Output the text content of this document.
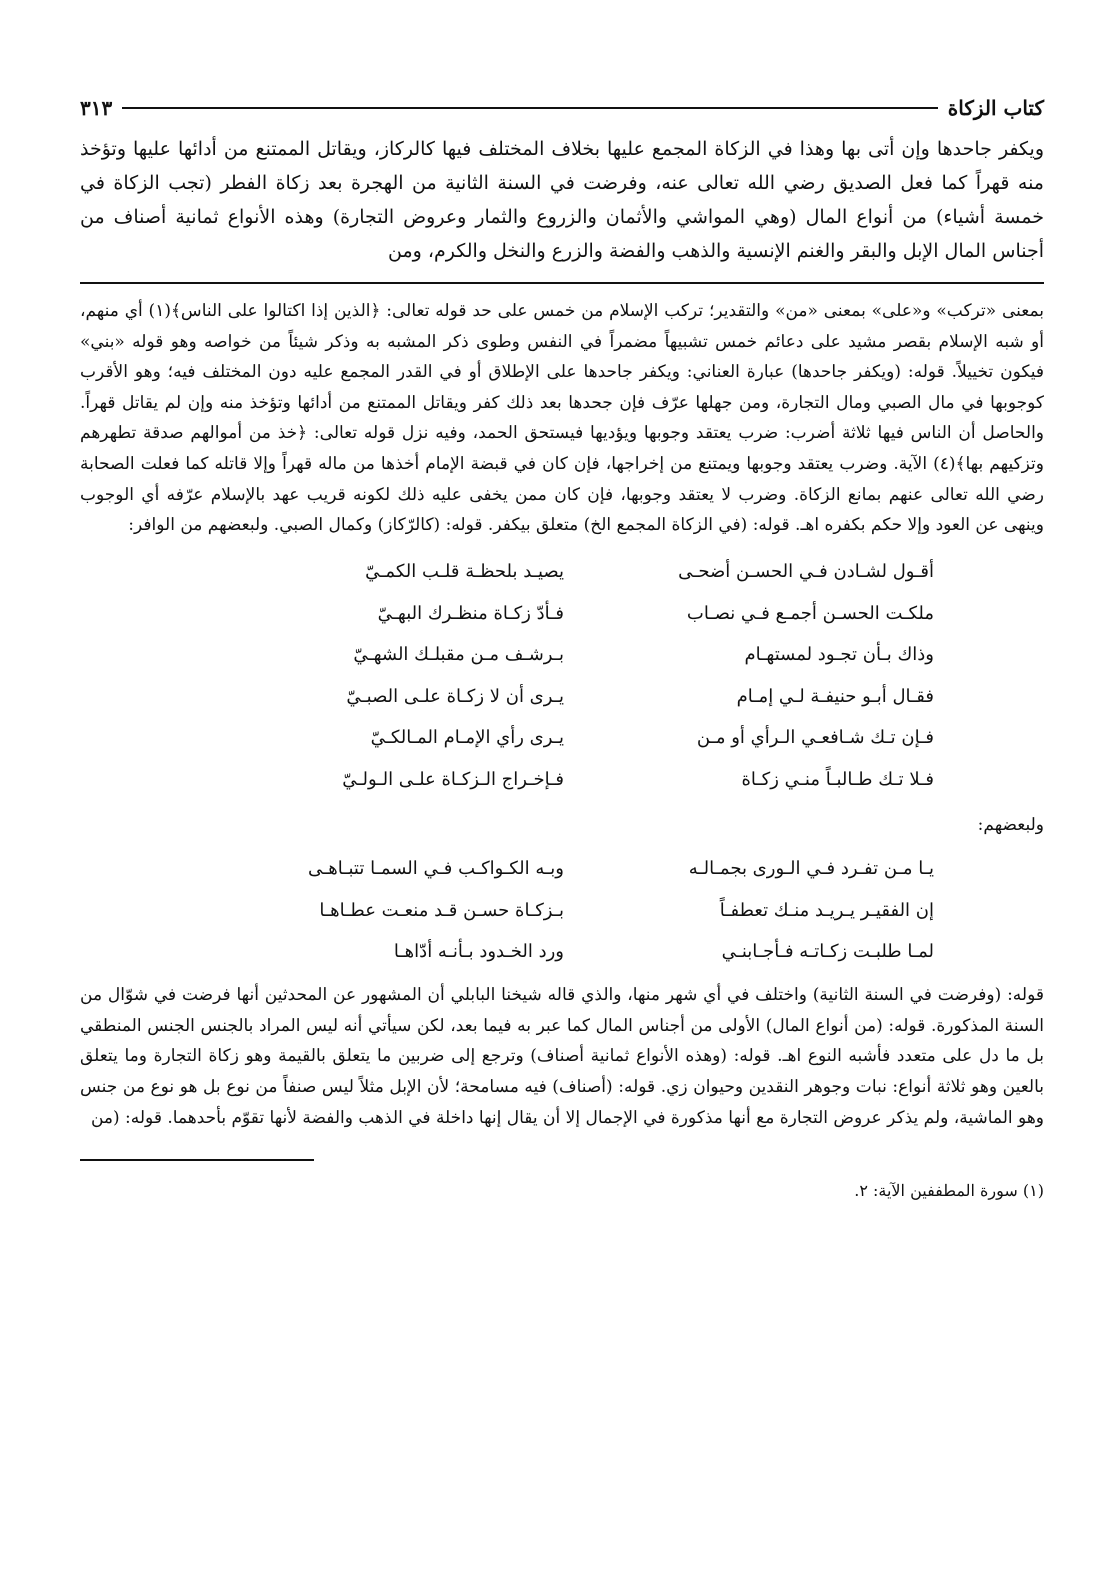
كتاب الزكاة
٣١٣
ويكفر جاحدها وإن أتى بها وهذا في الزكاة المجمع عليها بخلاف المختلف فيها كالركاز، ويقاتل الممتنع من أدائها عليها وتؤخذ منه قهراً كما فعل الصديق رضي الله تعالى عنه، وفرضت في السنة الثانية من الهجرة بعد زكاة الفطر (تجب الزكاة في خمسة أشياء) من أنواع المال (وهي المواشي والأثمان والزروع والثمار وعروض التجارة) وهذه الأنواع ثمانية أصناف من أجناس المال الإبل والبقر والغنم الإنسية والذهب والفضة والزرع والنخل والكرم، ومن
بمعنى «تركب» و«على» بمعنى «من» والتقدير؛ تركب الإسلام من خمس على حد قوله تعالى: ﴿الذين إذا اكتالوا على الناس﴾(١) أي منهم، أو شبه الإسلام بقصر مشيد على دعائم خمس تشبيهاً مضمراً في النفس وطوى ذكر المشبه به وذكر شيئاً من خواصه وهو قوله «بني» فيكون تخييلاً. قوله: (ويكفر جاحدها) عبارة العناني: ويكفر جاحدها على الإطلاق أو في القدر المجمع عليه دون المختلف فيه؛ وهو الأقرب كوجوبها في مال الصبي ومال التجارة، ومن جهلها عرّف فإن جحدها بعد ذلك كفر ويقاتل الممتنع من أدائها وتؤخذ منه وإن لم يقاتل قهراً. والحاصل أن الناس فيها ثلاثة أضرب: ضرب يعتقد وجوبها ويؤديها فيستحق الحمد، وفيه نزل قوله تعالى: ﴿خذ من أموالهم صدقة تطهرهم وتزكيهم بها﴾(٤) الآية. وضرب يعتقد وجوبها ويمتنع من إخراجها، فإن كان في قبضة الإمام أخذها من ماله قهراً وإلا قاتله كما فعلت الصحابة رضي الله تعالى عنهم بمانع الزكاة. وضرب لا يعتقد وجوبها، فإن كان ممن يخفى عليه ذلك لكونه قريب عهد بالإسلام عرّفه أي الوجوب وينهى عن العود وإلا حكم بكفره اهـ. قوله: (في الزكاة المجمع الخ) متعلق بيكفر. قوله: (كالرّكاز) وكمال الصبي. ولبعضهم من الوافر:
أقـول لشـادن فـي الحسـن أضحـى
يصيـد بلحظـة قلـب الكمـيّ
ملكـت الحسـن أجمـع فـي نصـاب
فـأدّ زكـاة منظـرك البهـيّ
وذاك بـأن تجـود لمستهـام
بـرشـف مـن مقبلـك الشهـيّ
فقـال أبـو حنيفـة لـي إمـام
يـرى أن لا زكـاة علـى الصبـيّ
فـإن تـك شـافعـي الـرأي أو مـن
يـرى رأي الإمـام المـالكـيّ
فـلا تـك طـالبـاً منـي زكـاة
فـإخـراج الـزكـاة علـى الـولـيّ
ولبعضهم:
يـا مـن تفـرد فـي الـورى بجمـالـه
وبـه الكـواكـب فـي السمـا تتبـاهـى
إن الفقيـر يـريـد منـك تعطفـاً
بـزكـاة حسـن قـد منعـت عطـاهـا
لمـا طلبـت زكـاتـه فـأجـابنـي
ورد الخـدود بـأنـه أدّاهـا
قوله: (وفرضت في السنة الثانية) واختلف في أي شهر منها، والذي قاله شيخنا البابلي أن المشهور عن المحدثين أنها فرضت في شوّال من السنة المذكورة. قوله: (من أنواع المال) الأولى من أجناس المال كما عبر به فيما بعد، لكن سيأتي أنه ليس المراد بالجنس الجنس المنطقي بل ما دل على متعدد فأشبه النوع اهـ. قوله: (وهذه الأنواع ثمانية أصناف) وترجع إلى ضربين ما يتعلق بالقيمة وهو زكاة التجارة وما يتعلق بالعين وهو ثلاثة أنواع: نبات وجوهر النقدين وحيوان زي. قوله: (أصناف) فيه مسامحة؛ لأن الإبل مثلاً ليس صنفاً من نوع بل هو نوع من جنس وهو الماشية، ولم يذكر عروض التجارة مع أنها مذكورة في الإجمال إلا أن يقال إنها داخلة في الذهب والفضة لأنها تقوّم بأحدهما. قوله: (من
(١) سورة المطففين الآية: ٢.
